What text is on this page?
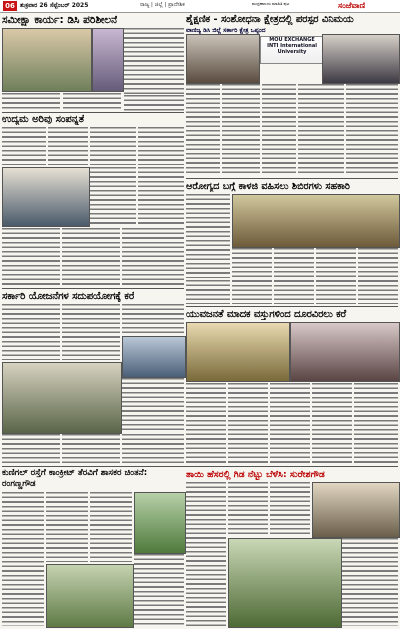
06 ಶುಕ್ರವಾರ 26 ಸೆಪ್ಟೆಂಬರ್ 2025	ರಾಜ್ಯ | ಜಿಲ್ಲೆ | ಪ್ರಾದೇಶಿಕ	ಮುದ್ರಣಾಲಯ ಮಾಹಿತಿ ಪುಟ	ಸಂಜೆವಾಣಿ
ಸಮೀಕ್ಷಾ ಕಾರ್ಯ: ಡಿಸಿ ಪರಿಶೀಲನೆ	ಶೈಕ್ಷಣಿಕ - ಸಂಶೋಧನಾ ಕ್ಷೇತ್ರದಲ್ಲಿ ಪರಸ್ಪರ ವಿನಿಮಯ
ವಾಣಿಜ್ಯ ಡಿಸಿ ಜಿಲ್ಲೆ ಸರ್ಕಾರಿ ಕ್ಷೇತ್ರ ಒಪ್ಪಂದ
MOU EXCHANGE
INTI International University
ಉದ್ಯಮ ಅರಿವು ಸಂಪನ್ನತೆ
ಆರೋಗ್ಯದ ಬಗ್ಗೆ ಕಾಳಜಿ ವಹಿಸಲು ಶಿಬಿರಗಳು ಸಹಕಾರಿ
ಸರ್ಕಾರಿ ಯೋಜನೆಗಳ ಸದುಪಯೋಗಕ್ಕೆ ಕರೆ
ಯುವಜನತೆ ಮಾದಕ ವಸ್ತುಗಳಿಂದ ದೂರವಿರಲು ಕರೆ
ಕುಣಿಗಲ್ ರಸ್ತೆಗೆ ಕಾಂಕ್ರೀಟ್ ತೆರವಿಗೆ ಶಾಸಕರ ಚಿಂತನೆ: ರಂಗಣ್ಣಗೌಡ
ತಾಯಿ ಹೆಸರಲ್ಲಿ ಗಿಡ ನೆಟ್ಟು ಬೆಳೆಸಿ: ಸುರೇಶಗೌಡ
